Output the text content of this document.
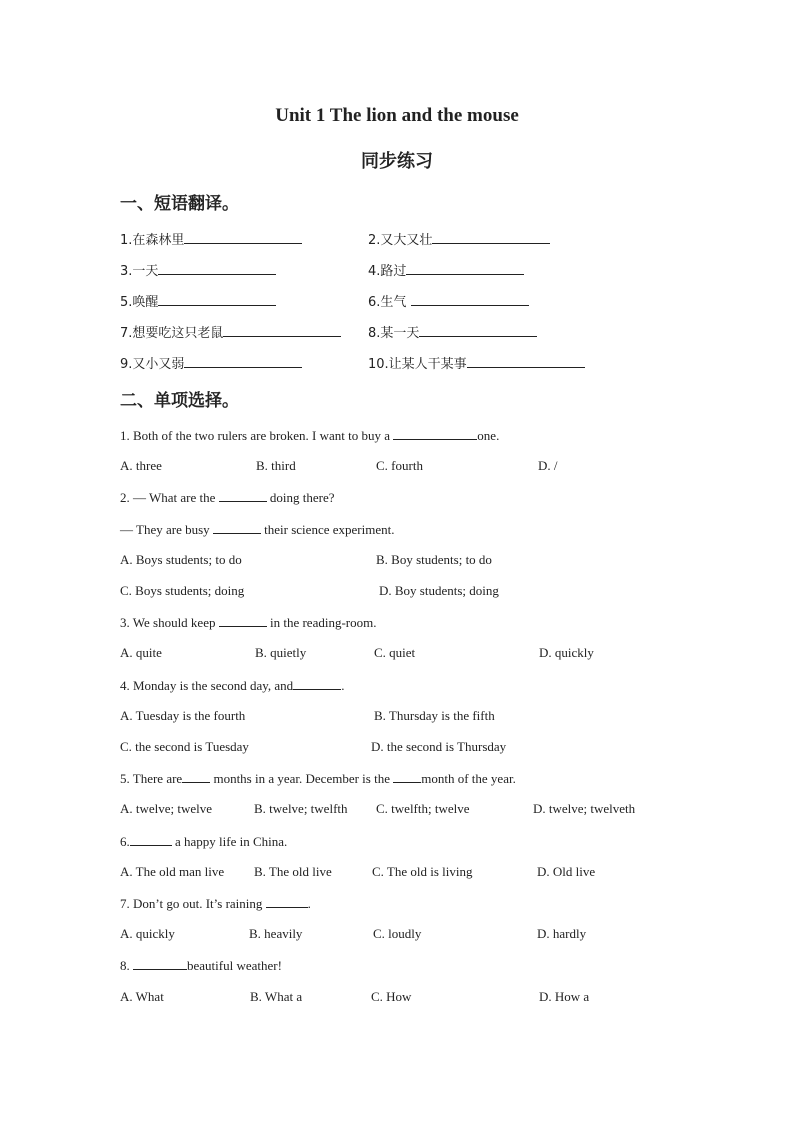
Unit 1 The lion and the mouse
同步练习
一、短语翻译。
1.在森林里	2.又大又壮
3.一天	4.路过
5.唤醒	6.生气
7.想要吃这只老鼠	8.某一天
9.又小又弱	10.让某人干某事
二、单项选择。
1. Both of the two rulers are broken. I want to buy a	one.
A. three	B. third	C. fourth	D. /
2. — What are the	doing there?
— They are busy	their science experiment.
A. Boys students; to do	B. Boy students; to do
C. Boys students; doing	D. Boy students; doing
3. We should keep	in the reading-room.
A. quite	B. quietly	C. quiet	D. quickly
4. Monday is the second day, and	.
A. Tuesday is the fourth	B. Thursday is the fifth
C. the second is Tuesday	D. the second is Thursday
5. There are months in a year. December is the month of the year.
A. twelve; twelve	B. twelve; twelfth C. twelfth; twelve	D. twelve; twelveth
6.	a happy life in China.
A. The old man live B. The old live	C. The old is living	D. Old live
7. Don’t go out. It’s raining	.
A. quickly	B. heavily	C. loudly	D. hardly
8.	beautiful weather!
A. What	B. What a	C. How	D. How a
